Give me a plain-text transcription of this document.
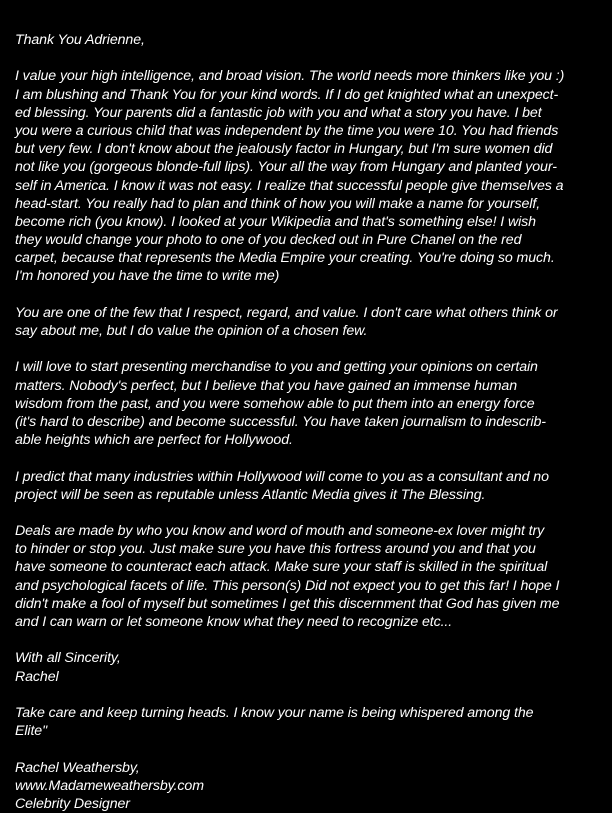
Thank You Adrienne,
I value your high intelligence, and broad vision. The world needs more thinkers like you :)
I am blushing and Thank You for your kind words. If I do get knighted what an unexpect-
ed blessing. Your parents did a fantastic job with you and what a story you have. I bet
you were a curious child that was independent by the time you were 10. You had friends
but very few. I don't know about the jealously factor in Hungary, but I'm sure women did
not like you (gorgeous blonde-full lips). Your all the way from Hungary and planted your-
self in America. I know it was not easy. I realize that successful people give themselves a
head-start. You really had to plan and think of how you will make a name for yourself,
become rich (you know). I looked at your Wikipedia and that's something else! I wish
they would change your photo to one of you decked out in Pure Chanel on the red
carpet, because that represents the Media Empire your creating. You're doing so much.
I'm honored you have the time to write me)
You are one of the few that I respect, regard, and value. I don't care what others think or
say about me, but I do value the opinion of a chosen few.
I will love to start presenting merchandise to you and getting your opinions on certain
matters. Nobody's perfect, but I believe that you have gained an immense human
wisdom from the past, and you were somehow able to put them into an energy force
(it's hard to describe) and become successful. You have taken journalism to indescrib-
able heights which are perfect for Hollywood.
I predict that many industries within Hollywood will come to you as a consultant and no
project will be seen as reputable unless Atlantic Media gives it The Blessing.
Deals are made by who you know and word of mouth and someone-ex lover might try
to hinder or stop you. Just make sure you have this fortress around you and that you
have someone to counteract each attack. Make sure your staff is skilled in the spiritual
and psychological facets of life. This person(s) Did not expect you to get this far! I hope I
didn't make a fool of myself but sometimes I get this discernment that God has given me
and I can warn or let someone know what they need to recognize etc...
With all Sincerity,
Rachel
Take care and keep turning heads. I know your name is being whispered among the
Elite"
Rachel Weathersby,
www.Madameweathersby.com
Celebrity Designer
